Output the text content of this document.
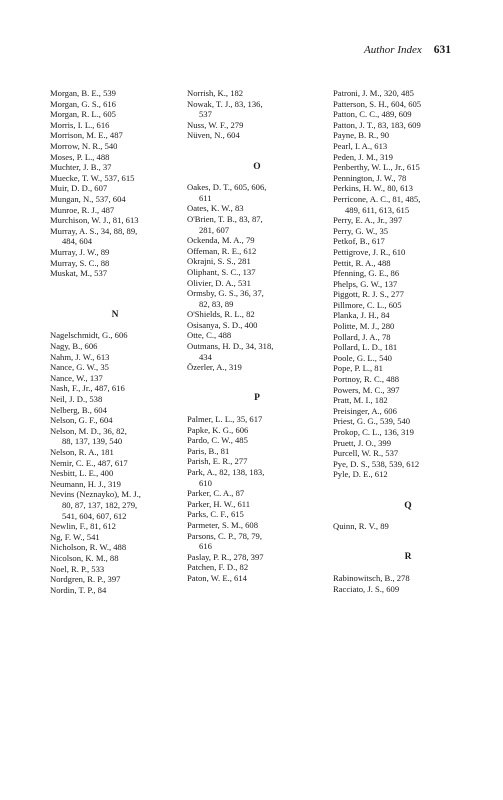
Author Index 631
Morgan, B. E., 539
Morgan, G. S., 616
Morgan, R. L., 605
Morris, I. L., 616
Morrison, M. E., 487
Morrow, N. R., 540
Moses, P. L., 488
Muchter, J. B., 37
Muecke, T. W., 537, 615
Muir, D. D., 607
Mungan, N., 537, 604
Munroe, R. J., 487
Murchison, W. J., 81, 613
Murray, A. S., 34, 88, 89,
484, 604
Murray, J. W., 89
Murray, S. C., 88
Muskat, M., 537
N
Nagelschmidt, G., 606
Nagy, B., 606
Nahm, J. W., 613
Nance, G. W., 35
Nance, W., 137
Nash, F., Jr., 487, 616
Neil, J. D., 538
Nelberg, B., 604
Nelson, G. F., 604
Nelson, M. D., 36, 82,
88, 137, 139, 540
Nelson, R. A., 181
Nemir, C. E., 487, 617
Nesbitt, L. E., 400
Neumann, H. J., 319
Nevins (Neznayko), M. J.,
80, 87, 137, 182, 279,
541, 604, 607, 612
Newlin, F., 81, 612
Ng, F. W., 541
Nicholson, R. W., 488
Nicolson, K. M., 88
Noel, R. P., 533
Nordgren, R. P., 397
Nordin, T. P., 84
Norrish, K., 182
Nowak, T. J., 83, 136,
537
Nuss, W. F., 279
Nüven, N., 604
O
Oakes, D. T., 605, 606,
611
Oates, K. W., 83
O'Brien, T. B., 83, 87,
281, 607
Ockenda, M. A., 79
Offeman, R. E., 612
Okrajni, S. S., 281
Oliphant, S. C., 137
Olivier, D. A., 531
Ormsby, G. S., 36, 37,
82, 83, 89
O'Shields, R. L., 82
Osisanya, S. D., 400
Otte, C., 488
Outmans, H. D., 34, 318,
434
Özerler, A., 319
P
Palmer, L. L., 35, 617
Papke, K. G., 606
Pardo, C. W., 485
Paris, B., 81
Parish, E. R., 277
Park, A., 82, 138, 183,
610
Parker, C. A., 87
Parker, H. W., 611
Parks, C. F., 615
Parmeter, S. M., 608
Parsons, C. P., 78, 79,
616
Paslay, P. R., 278, 397
Patchen, F. D., 82
Paton, W. E., 614
Patroni, J. M., 320, 485
Patterson, S. H., 604, 605
Patton, C. C., 489, 609
Patton, J. T., 83, 183, 609
Payne, B. R., 90
Pearl, I. A., 613
Peden, J. M., 319
Penberthy, W. L., Jr., 615
Pennington, J. W., 78
Perkins, H. W., 80, 613
Perricone, A. C., 81, 485,
489, 611, 613, 615
Perry, E. A., Jr., 397
Perry, G. W., 35
Petkof, B., 617
Pettigrove, J. R., 610
Pettit, R. A., 488
Pfenning, G. E., 86
Phelps, G. W., 137
Piggott, R. J. S., 277
Pillmore, C. L., 605
Planka, J. H., 84
Politte, M. J., 280
Pollard, J. A., 78
Pollard, L. D., 181
Poole, G. L., 540
Pope, P. L., 81
Portnoy, R. C., 488
Powers, M. C., 397
Pratt, M. I., 182
Preisinger, A., 606
Priest, G. G., 539, 540
Prokop, C. L., 136, 319
Pruett, J. O., 399
Purcell, W. R., 537
Pye, D. S., 538, 539, 612
Pyle, D. E., 612
Q
Quinn, R. V., 89
R
Rabinowitsch, B., 278
Racciato, J. S., 609
